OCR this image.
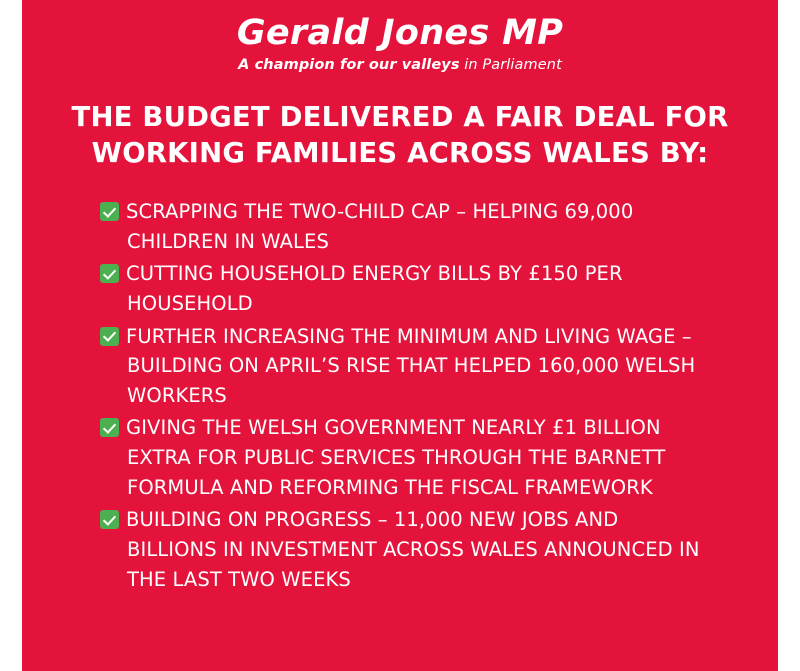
Gerald Jones MP
A champion for our valleys in Parliament
THE BUDGET DELIVERED A FAIR DEAL FOR WORKING FAMILIES ACROSS WALES BY:
SCRAPPING THE TWO-CHILD CAP – HELPING 69,000 CHILDREN IN WALES
CUTTING HOUSEHOLD ENERGY BILLS BY £150 PER HOUSEHOLD
FURTHER INCREASING THE MINIMUM AND LIVING WAGE – BUILDING ON APRIL’S RISE THAT HELPED 160,000 WELSH WORKERS
GIVING THE WELSH GOVERNMENT NEARLY £1 BILLION EXTRA FOR PUBLIC SERVICES THROUGH THE BARNETT FORMULA AND REFORMING THE FISCAL FRAMEWORK
BUILDING ON PROGRESS – 11,000 NEW JOBS AND BILLIONS IN INVESTMENT ACROSS WALES ANNOUNCED IN THE LAST TWO WEEKS
